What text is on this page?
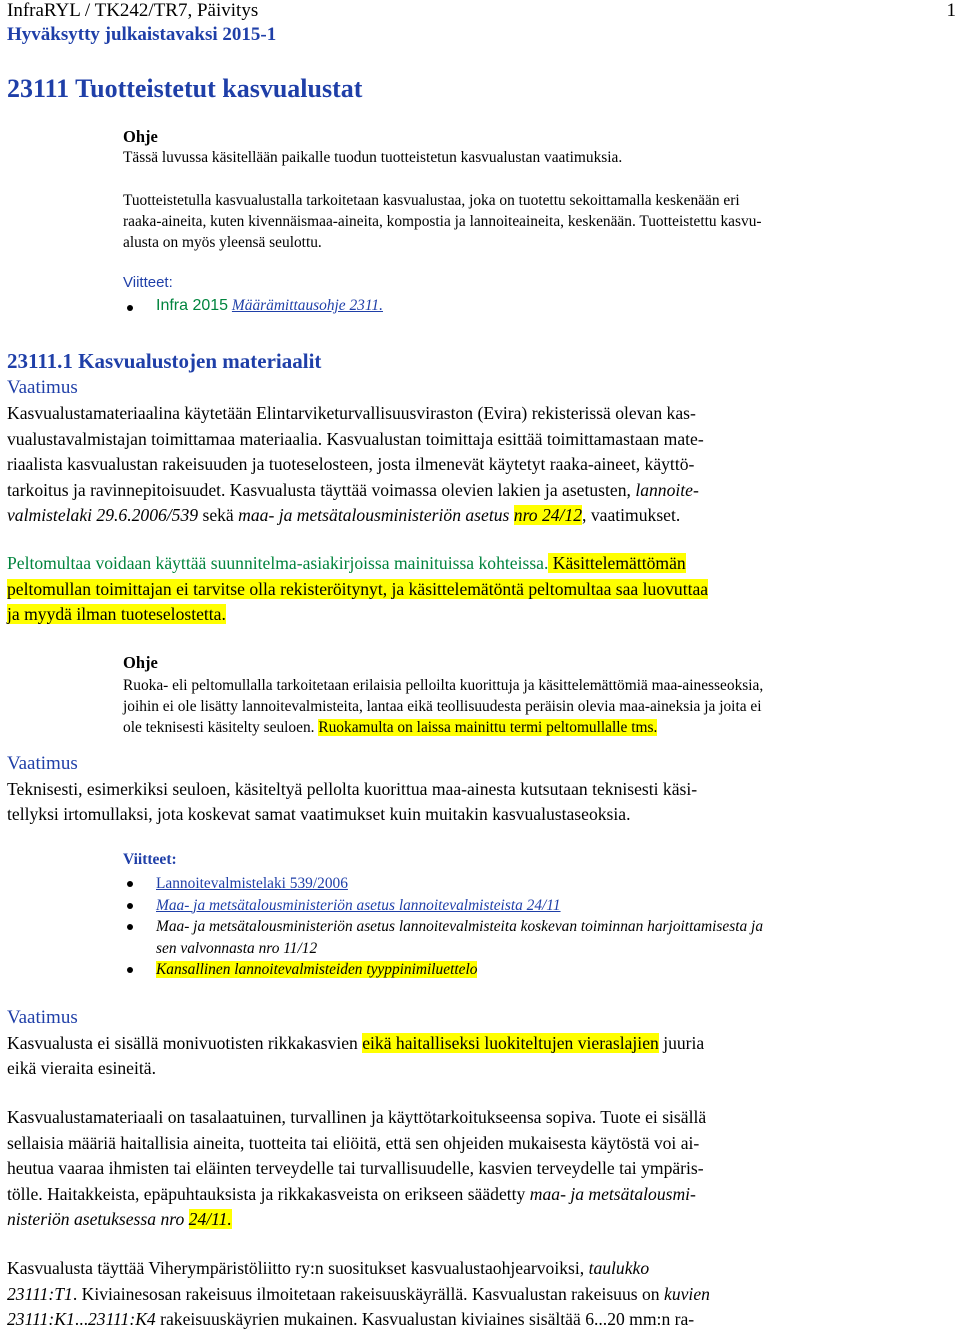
InfraRYL / TK242/TR7, Päivitys	1
Hyväksytty julkaistavaksi 2015-1
23111 Tuotteistetut kasvualustat

Ohje

Tässä luvussa käsitellään paikalle tuodun tuotteistetun kasvualustan vaatimuksia.

Tuotteistetulla kasvualustalla tarkoitetaan kasvualustaa, joka on tuotettu sekoittamalla keskenään eri

raaka-aineita, kuten kivennäismaa-aineita, kompostia ja lannoiteaineita, keskenään. Tuotteistettu kasvu-

alusta on myös yleensä seulottu.

Viitteet:
Infra 2015 Määrämittausohje 2311.
23111.1 Kasvualustojen materiaalit

Vaatimus

Kasvualustamateriaalina käytetään Elintarviketurvallisuusviraston (Evira) rekisterissä olevan kas-

vualustavalmistajan toimittamaa materiaalia. Kasvualustan toimittaja esittää toimittamastaan mate-

riaalista kasvualustan rakeisuuden ja tuoteselosteen, josta ilmenevät käytetyt raaka-aineet, käyttö-

tarkoitus ja ravinnepitoisuudet. Kasvualusta täyttää voimassa olevien lakien ja asetusten, lannoite-

valmistelaki 29.6.2006/539 sekä maa- ja metsätalousministeriön asetus nro 24/12, vaatimukset.

Peltomultaa voidaan käyttää suunnitelma-asiakirjoissa mainituissa kohteissa. Käsittelemättömän

peltomullan toimittajan ei tarvitse olla rekisteröitynyt, ja käsittelemätöntä peltomultaa saa luovuttaa

ja myydä ilman tuoteselostetta.

Ohje

Ruoka- eli peltomullalla tarkoitetaan erilaisia pelloilta kuorittuja ja käsittelemättömiä maa-ainesseoksia,

joihin ei ole lisätty lannoitevalmisteita, lantaa eikä teollisuudesta peräisin olevia maa-aineksia ja joita ei

ole teknisesti käsitelty seuloen. Ruokamulta on laissa mainittu termi peltomullalle tms.

Vaatimus

Teknisesti, esimerkiksi seuloen, käsiteltyä pellolta kuorittua maa-ainesta kutsutaan teknisesti käsi-

tellyksi irtomullaksi, jota koskevat samat vaatimukset kuin muitakin kasvualustaseoksia.

Viitteet:
Lannoitevalmistelaki 539/2006
Maa- ja metsätalousministeriön asetus lannoitevalmisteista 24/11
Maa- ja metsätalousministeriön asetus lannoitevalmisteita koskevan toiminnan harjoittamisesta ja
sen valvonnasta nro 11/12
Kansallinen lannoitevalmisteiden tyyppinimiluettelo

Vaatimus

Kasvualusta ei sisällä monivuotisten rikkakasvien eikä haitalliseksi luokiteltujen vieraslajien juuria

eikä vieraita esineitä.

Kasvualustamateriaali on tasalaatuinen, turvallinen ja käyttötarkoitukseensa sopiva. Tuote ei sisällä

sellaisia määriä haitallisia aineita, tuotteita tai eliöitä, että sen ohjeiden mukaisesta käytöstä voi ai-

heutua vaaraa ihmisten tai eläinten terveydelle tai turvallisuudelle, kasvien terveydelle tai ympäris-

tölle. Haitakkeista, epäpuhtauksista ja rikkakasveista on erikseen säädetty maa- ja metsätalousmi-

nisteriön asetuksessa nro 24/11.

Kasvualusta täyttää Viherympäristöliitto ry:n suositukset kasvualustaohjearvoiksi, taulukko

23111:T1. Kiviainesosan rakeisuus ilmoitetaan rakeisuuskäyrällä. Kasvualustan rakeisuus on kuvien

23111:K1...23111:K4 rakeisuuskäyrien mukainen. Kasvualustan kiviaines sisältää 6...20 mm:n ra-
